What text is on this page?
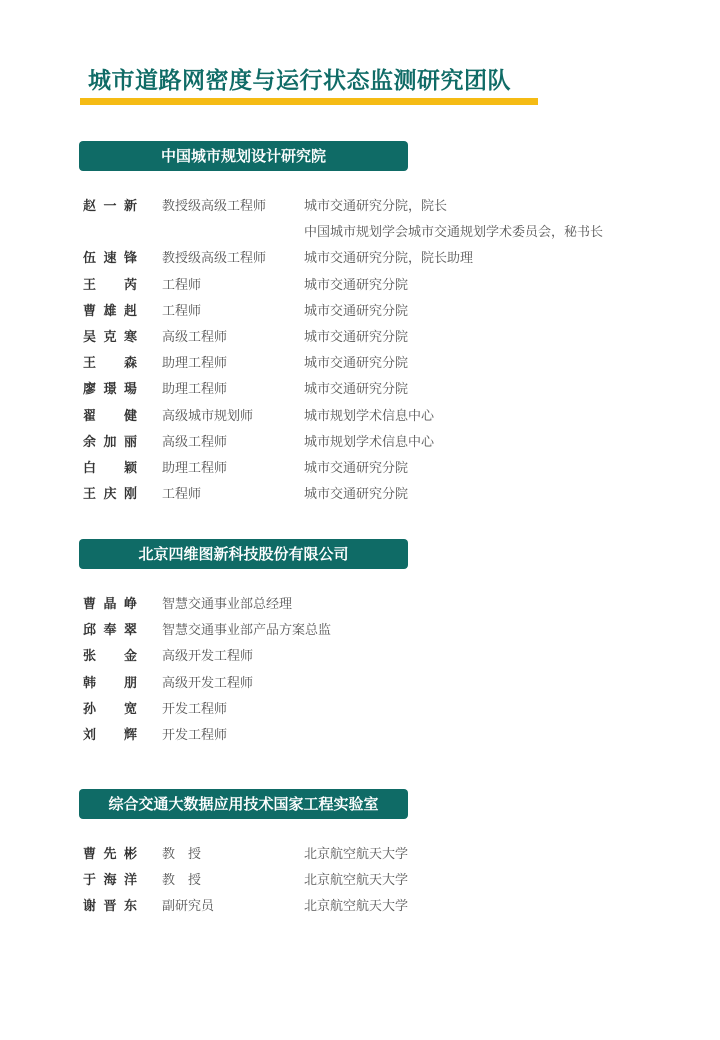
城市道路网密度与运行状态监测研究团队
中国城市规划设计研究院
赵一新 教授级高级工程师	城市交通研究分院，院长
中国城市规划学会城市交通规划学术委员会，秘书长
伍速锋 教授级高级工程师	城市交通研究分院，院长助理
王芮 工程师	城市交通研究分院
曹雄赳 工程师	城市交通研究分院
吴克寒 高级工程师	城市交通研究分院
王森 助理工程师	城市交通研究分院
廖璟瑒 助理工程师	城市交通研究分院
翟健 高级城市规划师	城市规划学术信息中心
余加丽 高级工程师	城市规划学术信息中心
白颖 助理工程师	城市交通研究分院
王庆刚 工程师	城市交通研究分院
北京四维图新科技股份有限公司
曹晶峥 智慧交通事业部总经理
邱奉翠 智慧交通事业部产品方案总监
张金 高级开发工程师
韩朋 高级开发工程师
孙宽 开发工程师
刘辉 开发工程师
综合交通大数据应用技术国家工程实验室
曹先彬 教　授	北京航空航天大学
于海洋 教　授	北京航空航天大学
谢晋东 副研究员	北京航空航天大学
